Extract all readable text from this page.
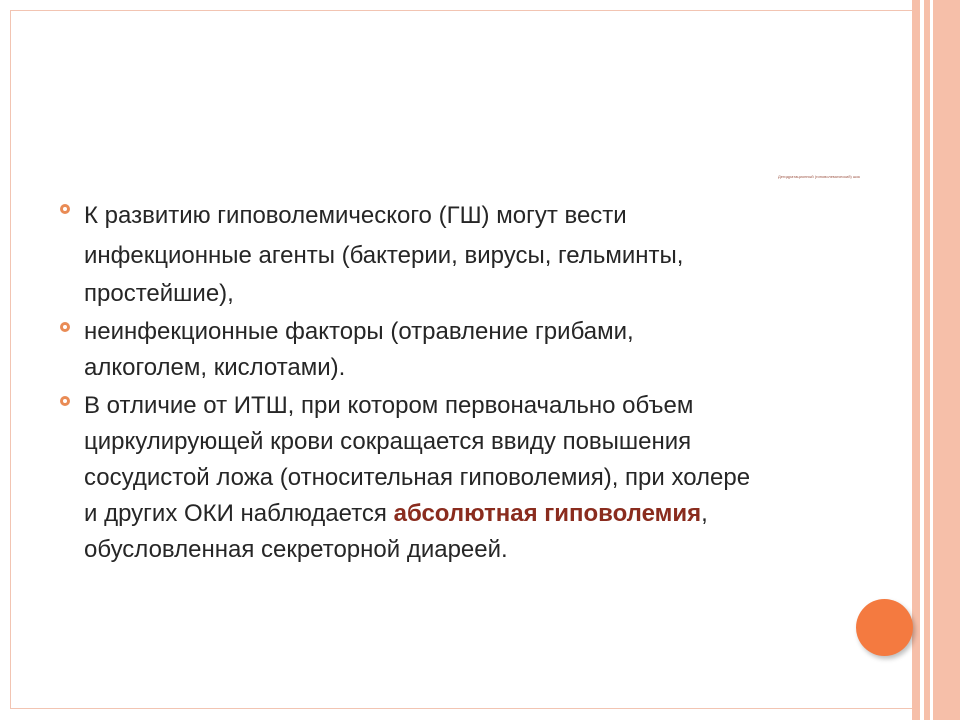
Дегидратационный (гиповолемический) шок
К развитию гиповолемического (ГШ) могут вести
инфекционные агенты (бактерии, вирусы, гельминты,
простейшие),
неинфекционные факторы (отравление грибами,
алкоголем, кислотами).
В отличие от ИТШ, при котором первоначально объем
циркулирующей крови сокращается ввиду повышения
сосудистой ложа (относительная гиповолемия), при холере
и других ОКИ наблюдается абсолютная гиповолемия,
обусловленная секреторной диареей.
